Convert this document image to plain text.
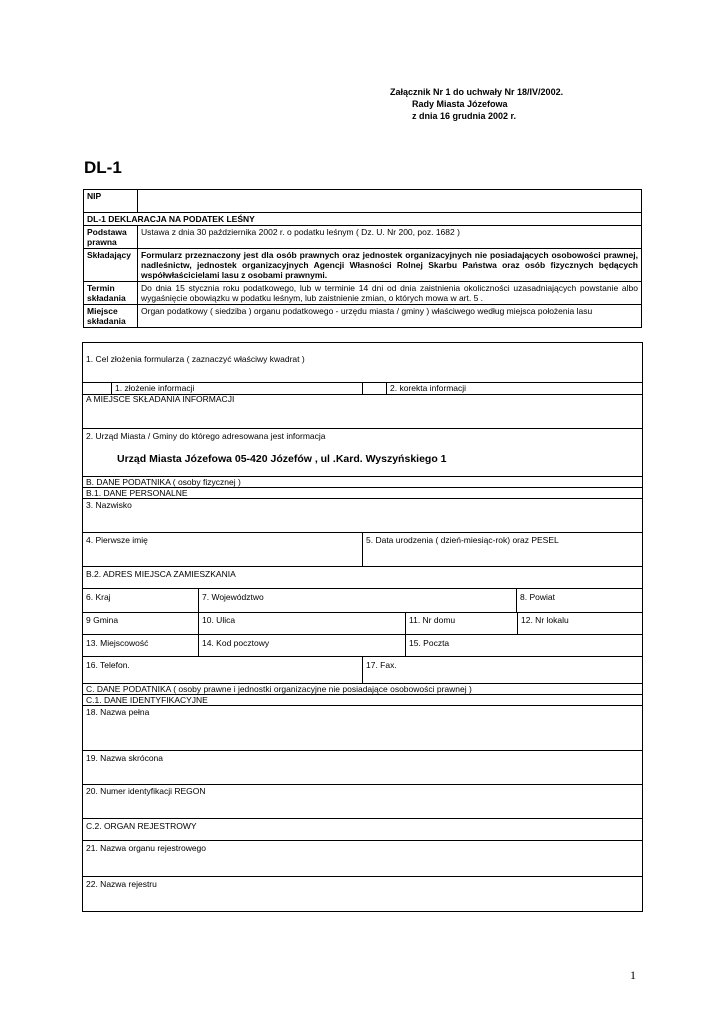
Załącznik Nr 1 do uchwały Nr 18/IV/2002.
Rady Miasta Józefowa
z dnia 16 grudnia 2002 r.
DL-1
NIP	
DL-1 DEKLARACJA NA PODATEK LEŚNY	
Podstawa prawna	Ustawa z dnia 30 października 2002 r. o podatku leśnym ( Dz. U. Nr 200, poz. 1682 )
Składający	Formularz przeznaczony jest dla osób prawnych oraz jednostek organizacyjnych nie posiadających osobowości prawnej, nadleśnictw, jednostek organizacyjnych Agencji Własności Rolnej Skarbu Państwa oraz osób fizycznych będących współwłaścicielami lasu z osobami prawnymi.
Termin składania	Do dnia 15 stycznia roku podatkowego, lub w terminie 14 dni od dnia zaistnienia okoliczności uzasadniających powstanie albo wygaśnięcie obowiązku w podatku leśnym, lub zaistnienie zmian, o których mowa w art. 5 .
Miejsce składania	Organ podatkowy ( siedziba ) organu podatkowego - urzędu miasta / gminy ) właściwego według miejsca położenia lasu
1. Cel złożenia formularza ( zaznaczyć właściwy kwadrat )
1. złożenie informacji	2. korekta informacji
A MIEJSCE SKŁADANIA INFORMACJI
2. Urząd Miasta / Gminy do którego adresowana jest informacja
Urząd Miasta Józefowa 05-420 Józefów , ul .Kard. Wyszyńskiego 1
B. DANE PODATNIKA ( osoby fizycznej )
B.1. DANE PERSONALNE
3. Nazwisko
4. Pierwsze imię	5. Data urodzenia ( dzień-miesiąc-rok) oraz PESEL
B.2. ADRES MIEJSCA ZAMIESZKANIA
6. Kraj	7. Województwo	8. Powiat
9 Gmina	10. Ulica	11. Nr domu	12. Nr lokalu
13. Miejscowość	14. Kod pocztowy	15. Poczta
16. Telefon.	17. Fax.
C. DANE PODATNIKA ( osoby prawne i jednostki organizacyjne nie posiadające osobowości prawnej )
C.1. DANE IDENTYFIKACYJNE
18. Nazwa pełna
19. Nazwa skrócona
20. Numer identyfikacji REGON
C.2. ORGAN REJESTROWY
21. Nazwa organu rejestrowego
22. Nazwa rejestru
1
